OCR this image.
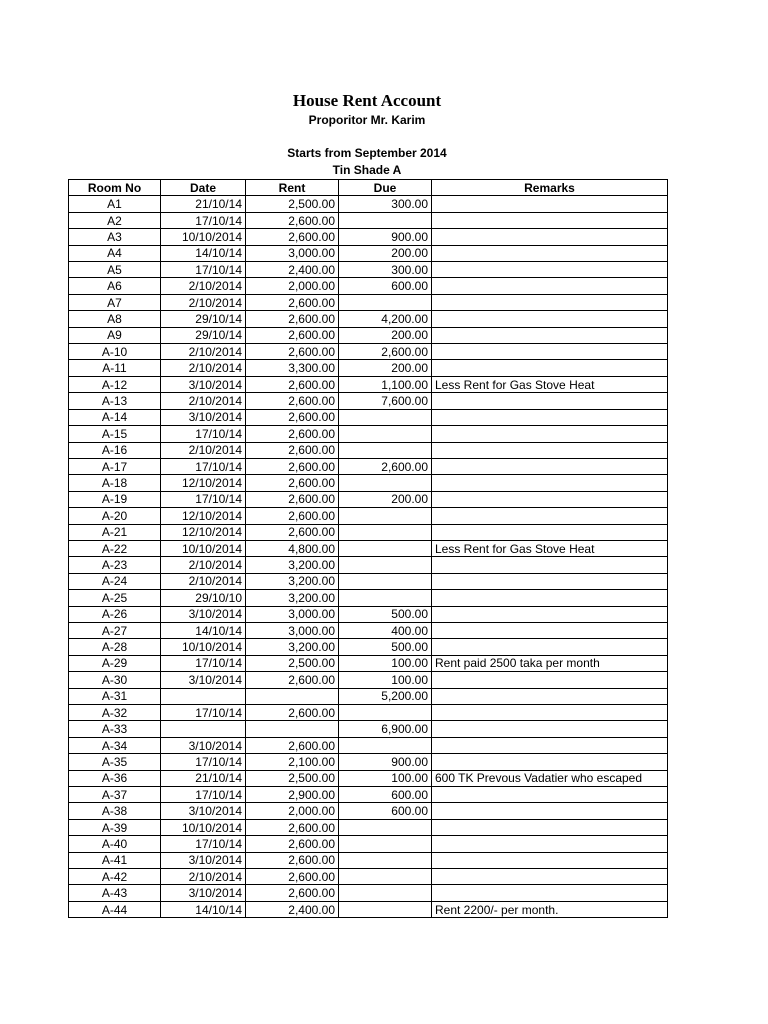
House Rent Account
Proporitor Mr. Karim
Starts from September 2014
Tin Shade A
Room No	Date	Rent	Due	Remarks
A1	21/10/14	2,500.00	300.00	
A2	17/10/14	2,600.00		
A3	10/10/2014	2,600.00	900.00	
A4	14/10/14	3,000.00	200.00	
A5	17/10/14	2,400.00	300.00	
A6	2/10/2014	2,000.00	600.00	
A7	2/10/2014	2,600.00		
A8	29/10/14	2,600.00	4,200.00	
A9	29/10/14	2,600.00	200.00	
A-10	2/10/2014	2,600.00	2,600.00	
A-11	2/10/2014	3,300.00	200.00	
A-12	3/10/2014	2,600.00	1,100.00	Less Rent for Gas Stove Heat
A-13	2/10/2014	2,600.00	7,600.00	
A-14	3/10/2014	2,600.00		
A-15	17/10/14	2,600.00		
A-16	2/10/2014	2,600.00		
A-17	17/10/14	2,600.00	2,600.00	
A-18	12/10/2014	2,600.00		
A-19	17/10/14	2,600.00	200.00	
A-20	12/10/2014	2,600.00		
A-21	12/10/2014	2,600.00		
A-22	10/10/2014	4,800.00		Less Rent for Gas Stove Heat
A-23	2/10/2014	3,200.00		
A-24	2/10/2014	3,200.00		
A-25	29/10/10	3,200.00		
A-26	3/10/2014	3,000.00	500.00	
A-27	14/10/14	3,000.00	400.00	
A-28	10/10/2014	3,200.00	500.00	
A-29	17/10/14	2,500.00	100.00	Rent paid 2500 taka per month
A-30	3/10/2014	2,600.00	100.00	
A-31			5,200.00	
A-32	17/10/14	2,600.00		
A-33			6,900.00	
A-34	3/10/2014	2,600.00		
A-35	17/10/14	2,100.00	900.00	
A-36	21/10/14	2,500.00	100.00	600 TK Prevous Vadatier who escaped
A-37	17/10/14	2,900.00	600.00	
A-38	3/10/2014	2,000.00	600.00	
A-39	10/10/2014	2,600.00		
A-40	17/10/14	2,600.00		
A-41	3/10/2014	2,600.00		
A-42	2/10/2014	2,600.00		
A-43	3/10/2014	2,600.00		
A-44	14/10/14	2,400.00		Rent 2200/- per month.
